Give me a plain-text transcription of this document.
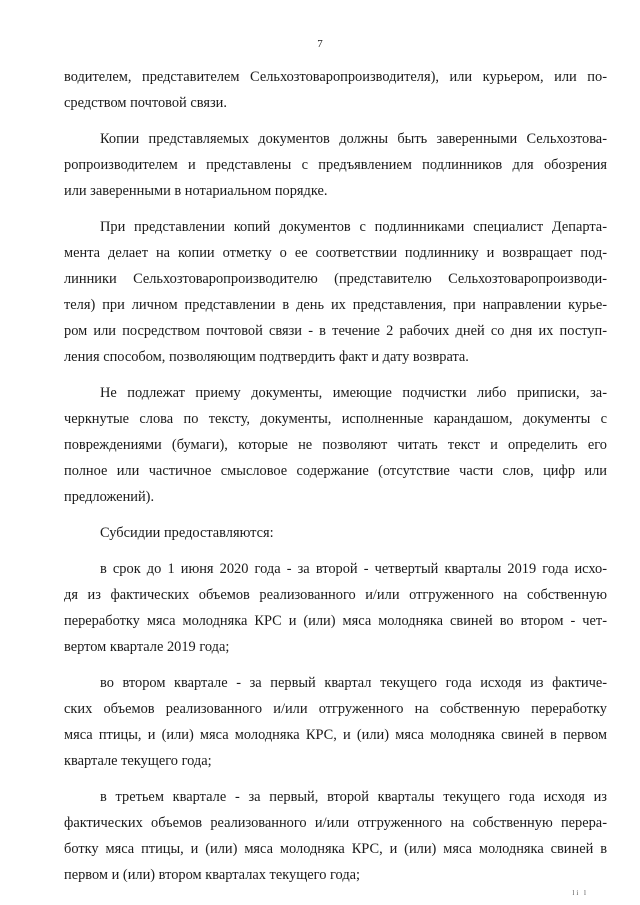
7
водителем, представителем Сельхозтоваропроизводителя), или курьером, или по-
средством почтовой связи.
Копии представляемых документов должны быть заверенными Сельхозтова-
ропроизводителем и представлены с предъявлением подлинников для обозрения
или заверенными в нотариальном порядке.
При представлении копий документов с подлинниками специалист Департа-
мента делает на копии отметку о ее соответствии подлиннику и возвращает под-
линники Сельхозтоваропроизводителю (представителю Сельхозтоваропроизводи-
теля) при личном представлении в день их представления, при направлении курье-
ром или посредством почтовой связи - в течение 2 рабочих дней со дня их поступ-
ления способом, позволяющим подтвердить факт и дату возврата.
Не подлежат приему документы, имеющие подчистки либо приписки, за-
черкнутые слова по тексту, документы, исполненные карандашом, документы с
повреждениями (бумаги), которые не позволяют читать текст и определить его
полное или частичное смысловое содержание (отсутствие части слов, цифр или
предложений).
Субсидии предоставляются:
в срок до 1 июня 2020 года - за второй - четвертый кварталы 2019 года исхо-
дя из фактических объемов реализованного и/или отгруженного на собственную
переработку мяса молодняка КРС и (или) мяса молодняка свиней во втором - чет-
вертом квартале 2019 года;
во втором квартале - за первый квартал текущего года исходя из фактиче-
ских объемов реализованного и/или отгруженного на собственную переработку
мяса птицы, и (или) мяса молодняка КРС, и (или) мяса молодняка свиней в первом
квартале текущего года;
в третьем квартале - за первый, второй кварталы текущего года исходя из
фактических объемов реализованного и/или отгруженного на собственную перера-
ботку мяса птицы, и (или) мяса молодняка КРС, и (или) мяса молодняка свиней в
первом и (или) втором кварталах текущего года;
li l
